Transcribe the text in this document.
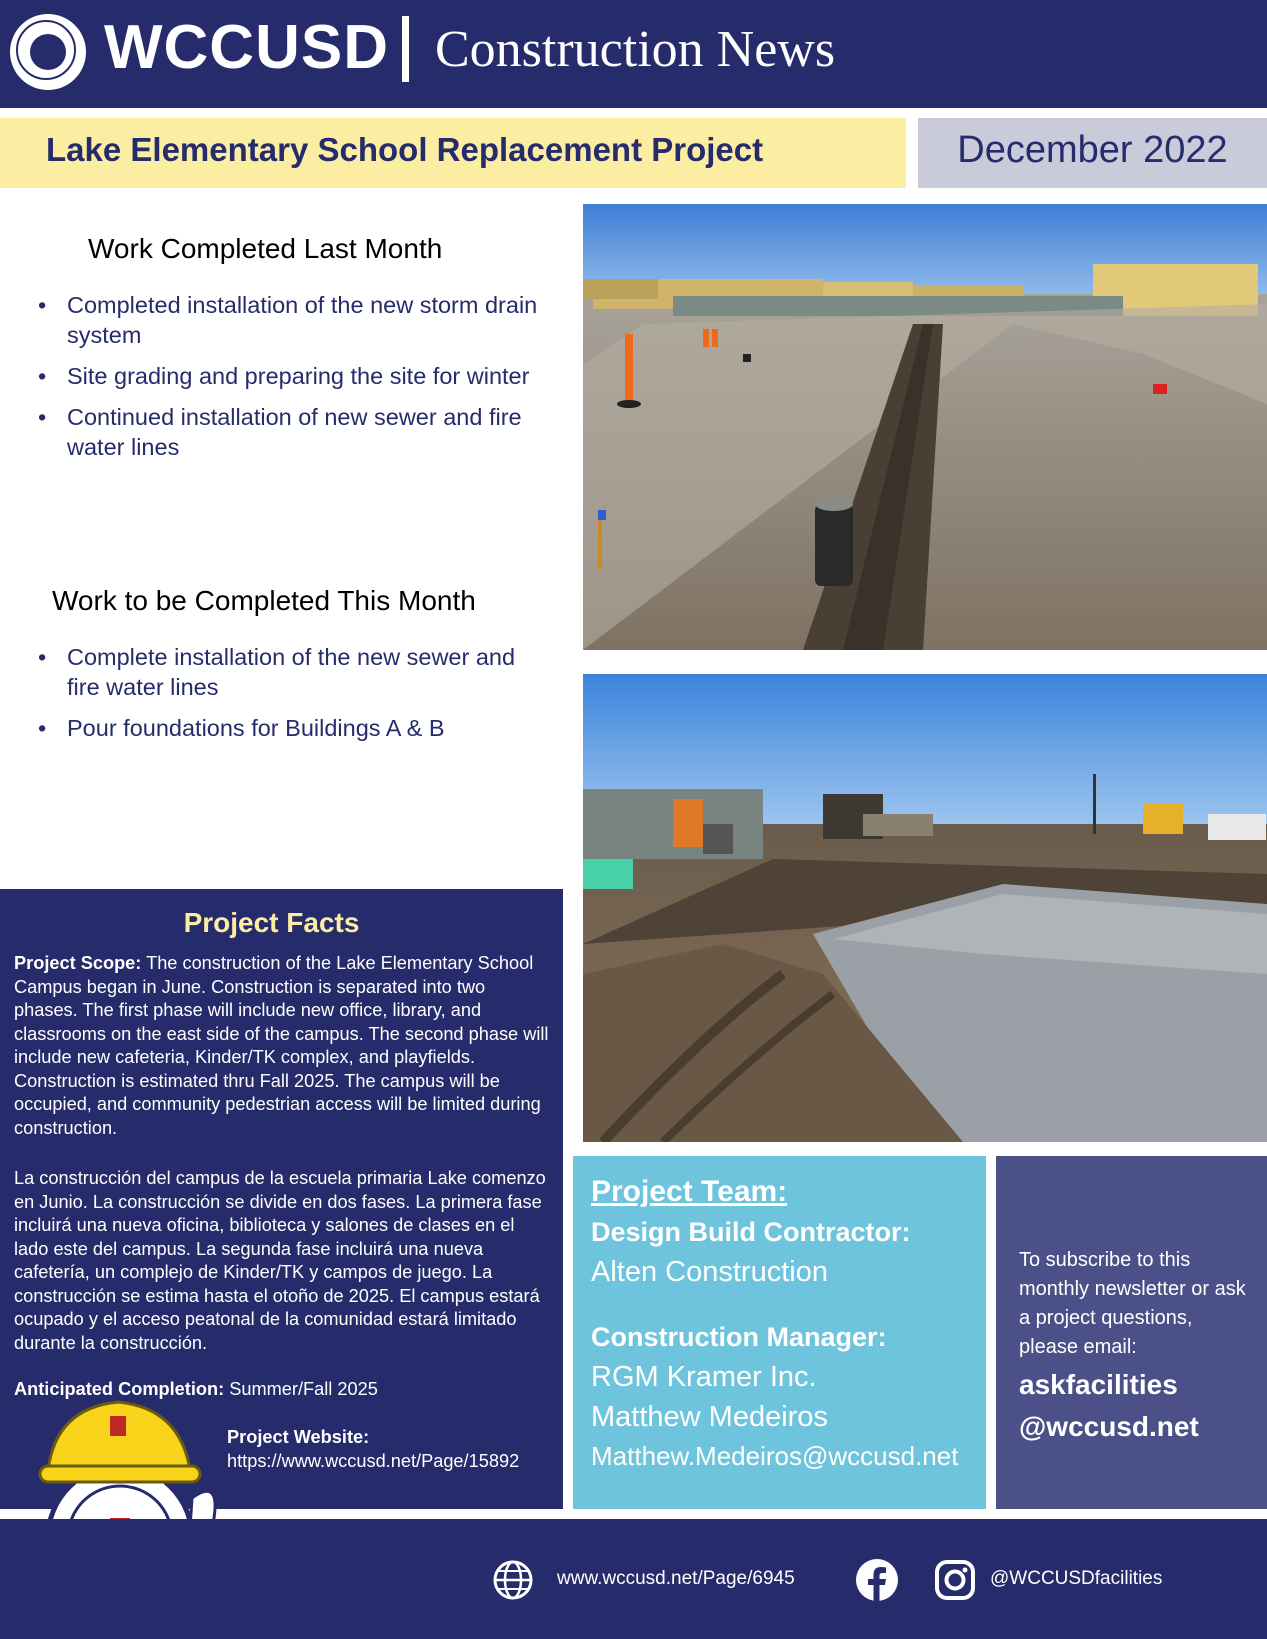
WCCUSD Construction News
Lake Elementary School Replacement Project	December 2022
Work Completed Last Month
• Completed installation of the new storm drain system
• Site grading and preparing the site for winter
• Continued installation of new sewer and fire water lines
Work to be Completed This Month
• Complete installation of the new sewer and fire water lines
• Pour foundations for Buildings A & B
Project Facts
Project Scope: The construction of the Lake Elementary School Campus began in June. Construction is separated into two phases. The first phase will include new office, library, and classrooms on the east side of the campus. The second phase will include new cafeteria, Kinder/TK complex, and playfields. Construction is estimated thru Fall 2025. The campus will be occupied, and community pedestrian access will be limited during construction.
La construcción del campus de la escuela primaria Lake comenzo en Junio. La construcción se divide en dos fases. La primera fase incluirá una nueva oficina, biblioteca y salones de clases en el lado este del campus. La segunda fase incluirá una nueva cafetería, un complejo de Kinder/TK y campos de juego. La construcción se estima hasta el otoño de 2025. El campus estará ocupado y el acceso peatonal de la comunidad estará limitado durante la construcción.
Anticipated Completion: Summer/Fall 2025
Project Website:
https://www.wccusd.net/Page/15892
Project Team:
Design Build Contractor:
Alten Construction
Construction Manager:
RGM Kramer Inc.
Matthew Medeiros
Matthew.Medeiros@wccusd.net
To subscribe to this monthly newsletter or ask a project questions, please email:
askfacilities
@wccusd.net
www.wccusd.net/Page/6945	@WCCUSDfacilities
